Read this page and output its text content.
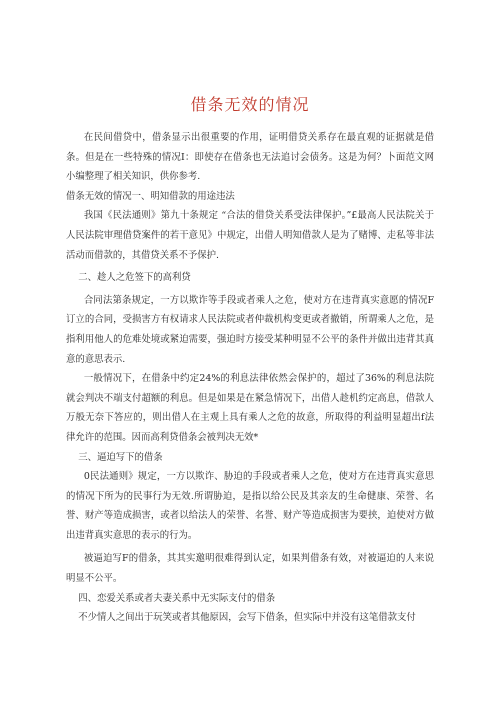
借条无效的情况

在民间借贷中，借条显示出很重要的作用，证明借贷关系存在最直观的证据就是借条。但是在一些特殊的情况I：即使存在借条也无法追讨会债务。这是为何？卜面范文网小编整理了相关知识，供你参考.

借条无效的情况一、明知借款的用途违法

我国《民法通则》第九十条规定 “合法的借贷关系受法律保护。”£最高人民法院关于人民法院审理借贷案件的若干意见》中规定，出借人明知借款人是为了赌博、走私等非法活动而借款的，其借贷关系不予保护.

二、趁人之危签下的高利贷

合同法第条规定，一方以欺诈等手段或者乘人之危，使对方在违背真实意愿的情况F订立的合同，受损害方有权请求人民法院或者仲裁机构变更或者撤销，所谓乘人之危，是指利用他人的危难处境或紧迫需要，强迫时方接受某种明显不公平的条件并做出违背其真意的意思表示.

一般情况下，在借条中约定24%的利息法律依然会保护的，超过了36%的利息法院就会判决不端支付超额的利息。但是如果是在紧急情况下，出借人趁机约定高息，借款人万般无奈下答应的，则出借人在主观上具有乘人之危的故意，所取得的利益明显超出f法律允许的范围。因而高利贷借条会被判决无效*

三、逼迫写下的借条

0民法通则》规定，一方以欺诈、胁迫的手段或者乘人之危，使对方在违背真实意思的情况下所为的民事行为无效.所谓胁迫，是指以给公民及其亲友的生命健康、荣誉、名誉、财产等造成损害，或者以给法人的荣誉、名誉、财产等造成损害为要挟，迫使对方做出违背真实意思的表示的行为。

被逼迫写F的借条，其其实邀明很难得到认定，如果判借条有效，对被逼迫的人来说明显不公平。

四、恋爱关系或者夫妻关系中无实际支付的借条

不少情人之间出于玩笑或者其他原因，会写下借条，但实际中并没有这笔借款支付
